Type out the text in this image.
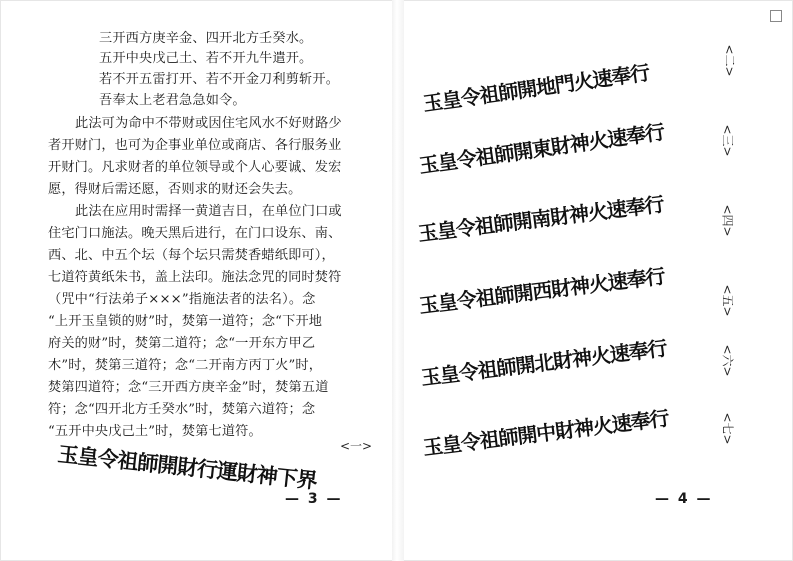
三开西方庚辛金、四开北方壬癸水。
五开中央戊己土、若不开九牛遣开。
若不开五雷打开、若不开金刀利剪斩开。
吾奉太上老君急急如令。
此法可为命中不带财或因住宅风水不好财路少
者开财门，也可为企事业单位或商店、各行服务业
开财门。凡求财者的单位领导或个人心要诚、发宏
愿，得财后需还愿，否则求的财还会失去。
此法在应用时需择一黄道吉日，在单位门口或
住宅门口施法。晚天黑后进行，在门口设东、南、
西、北、中五个坛（每个坛只需焚香蜡纸即可），
七道符黄纸朱书，盖上法印。施法念咒的同时焚符
（咒中“行法弟子×××”指施法者的法名）。念
“上开玉皇锁的财”时，焚第一道符；念“下开地
府关的财”时，焚第二道符；念“一开东方甲乙
木”时，焚第三道符；念“二开南方丙丁火”时，
焚第四道符；念“三开西方庚辛金”时，焚第五道
符；念“四开北方壬癸水”时，焚第六道符；念
“五开中央戊己土”时，焚第七道符。
玉皇令祖師開財行運財神下界 <一>
— 3 —
玉皇令祖師開地門火速奉行	<二>
玉皇令祖師開東財神火速奉行	<三>
玉皇令祖師開南財神火速奉行	<四>
玉皇令祖師開西財神火速奉行	<五>
玉皇令祖師開北財神火速奉行	<六>
玉皇令祖師開中財神火速奉行	<七>
— 4 —
